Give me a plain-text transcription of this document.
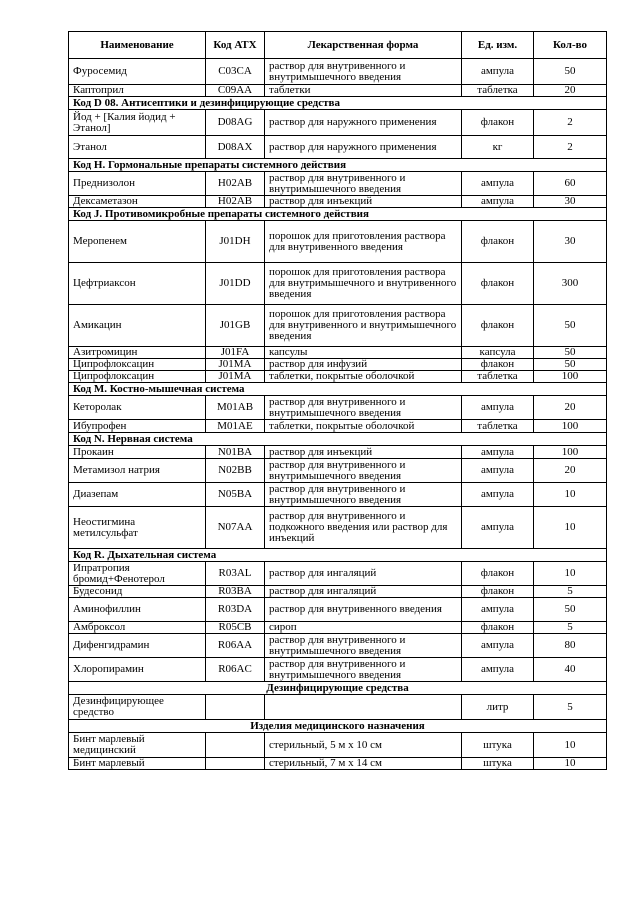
Наименование	Код АТХ	Лекарственная форма	Ед. изм.	Кол-во
Фуросемид	C03CA	раствор для внутривенного и внутримышечного введения	ампула	50
Каптоприл	C09AA	таблетки	таблетка	20
Код D 08. Антисептики и дезинфицирующие средства				
Йод + [Калия йодид + Этанол]	D08AG	раствор для наружного применения	флакон	2
Этанол	D08AX	раствор для наружного применения	кг	2
Код H. Гормональные препараты системного действия				
Преднизолон	H02AB	раствор для внутривенного и внутримышечного введения	ампула	60
Дексаметазон	H02AB	раствор для инъекций	ампула	30
Код J. Противомикробные препараты системного действия				
Меропенем	J01DH	порошок для приготовления раствора для внутривенного введения	флакон	30
Цефтриаксон	J01DD	порошок для приготовления раствора для внутримышечного и внутривенного введения	флакон	300
Амикацин	J01GB	порошок для приготовления раствора для внутривенного и внутримышечного введения	флакон	50
Азитромицин	J01FA	капсулы	капсула	50
Ципрофлоксацин	J01MA	раствор для инфузий	флакон	50
Ципрофлоксацин	J01MA	таблетки, покрытые оболочкой	таблетка	100
Код M. Костно-мышечная система				
Кеторолак	M01AB	раствор для внутривенного и внутримышечного введения	ампула	20
Ибупрофен	M01AE	таблетки, покрытые оболочкой	таблетка	100
Код N. Нервная система				
Прокаин	N01BA	раствор для инъекций	ампула	100
Метамизол натрия	N02BB	раствор для внутривенного и внутримышечного введения	ампула	20
Диазепам	N05BA	раствор для внутривенного и внутримышечного введения	ампула	10
Неостигмина метилсульфат	N07AA	раствор для внутривенного и подкожного введения или раствор для инъекций	ампула	10
Код R. Дыхательная система				
Ипратропия бромид+Фенотерол	R03AL	раствор для ингаляций	флакон	10
Будесонид	R03BA	раствор для ингаляций	флакон	5
Аминофиллин	R03DA	раствор для внутривенного введения	ампула	50
Амброксол	R05CB	сироп	флакон	5
Дифенгидрамин	R06AA	раствор для внутривенного и внутримышечного введения	ампула	80
Хлоропирамин	R06AC	раствор для внутривенного и внутримышечного введения	ампула	40
Дезинфицирующие средства				
Дезинфицирующее средство			литр	5
Изделия медицинского назначения				
Бинт марлевый медицинский		стерильный, 5 м х 10 см	штука	10
Бинт марлевый		стерильный, 7 м х 14 см	штука	10
